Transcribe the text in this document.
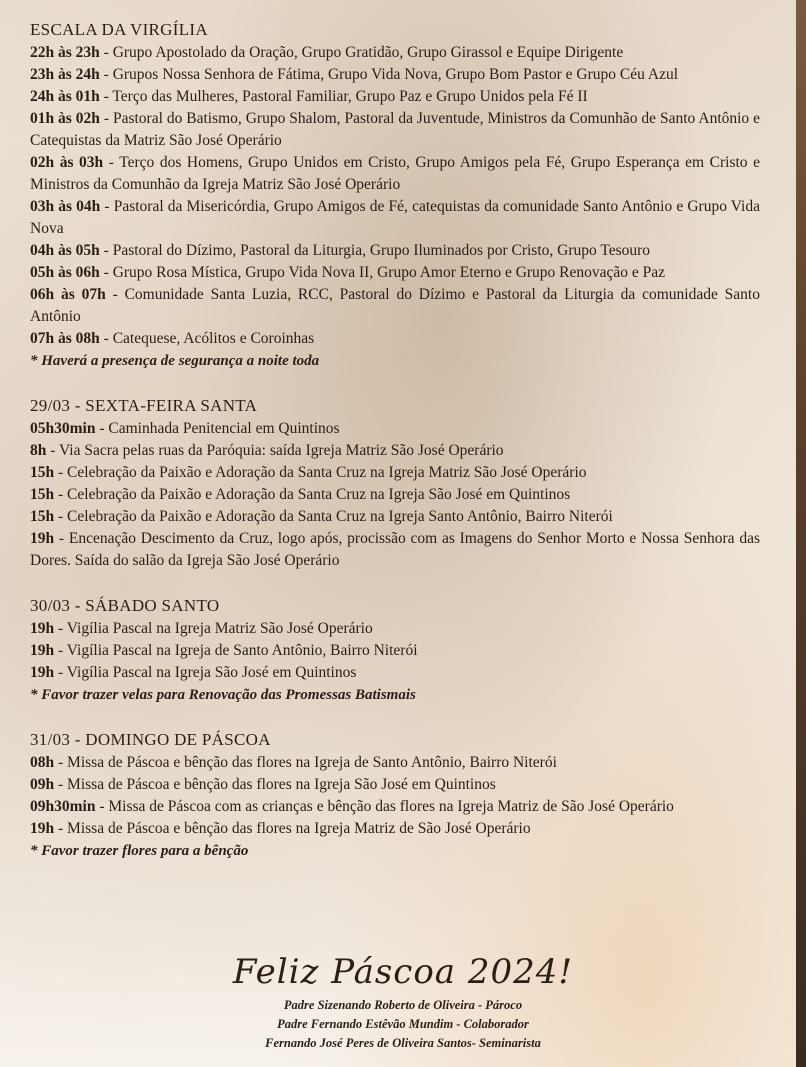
ESCALA DA VIRGÍLIA

22h às 23h - Grupo Apostolado da Oração, Grupo Gratidão, Grupo Girassol e Equipe Dirigente

23h às 24h - Grupos Nossa Senhora de Fátima, Grupo Vida Nova, Grupo Bom Pastor e Grupo Céu Azul

24h às 01h - Terço das Mulheres, Pastoral Familiar, Grupo Paz e Grupo Unidos pela Fé II

01h às 02h - Pastoral do Batismo, Grupo Shalom, Pastoral da Juventude, Ministros da Comunhão de Santo Antônio e Catequistas da Matriz São José Operário

02h às 03h - Terço dos Homens, Grupo Unidos em Cristo, Grupo Amigos pela Fé, Grupo Esperança em Cristo e Ministros da Comunhão da Igreja Matriz São José Operário

03h às 04h - Pastoral da Misericórdia, Grupo Amigos de Fé, catequistas da comunidade Santo Antônio e Grupo Vida Nova

04h às 05h - Pastoral do Dízimo, Pastoral da Liturgia, Grupo Iluminados por Cristo, Grupo Tesouro

05h às 06h - Grupo Rosa Mística, Grupo Vida Nova II, Grupo Amor Eterno e Grupo Renovação e Paz

06h às 07h - Comunidade Santa Luzia, RCC, Pastoral do Dízimo e Pastoral da Liturgia da comunidade Santo Antônio

07h às 08h - Catequese, Acólitos e Coroinhas

* Haverá a presença de segurança a noite toda

29/03 - SEXTA-FEIRA SANTA

05h30min - Caminhada Penitencial em Quintinos

8h - Via Sacra pelas ruas da Paróquia: saída Igreja Matriz São José Operário

15h - Celebração da Paixão e Adoração da Santa Cruz na Igreja Matriz São José Operário

15h - Celebração da Paixão e Adoração da Santa Cruz na Igreja São José em Quintinos

15h - Celebração da Paixão e Adoração da Santa Cruz na Igreja Santo Antônio, Bairro Niterói

19h - Encenação Descimento da Cruz, logo após, procissão com as Imagens do Senhor Morto e Nossa Senhora das Dores. Saída do salão da Igreja São José Operário

30/03 - SÁBADO SANTO

19h - Vigília Pascal na Igreja Matriz São José Operário

19h - Vigília Pascal na Igreja de Santo Antônio, Bairro Niterói

19h - Vigília Pascal na Igreja São José em Quintinos

* Favor trazer velas para Renovação das Promessas Batismais

31/03 - DOMINGO DE PÁSCOA

08h - Missa de Páscoa e bênção das flores na Igreja de Santo Antônio, Bairro Niterói

09h - Missa de Páscoa e bênção das flores na Igreja São José em Quintinos

09h30min - Missa de Páscoa com as crianças e bênção das flores na Igreja Matriz de São José Operário

19h - Missa de Páscoa e bênção das flores na Igreja Matriz de São José Operário

* Favor trazer flores para a bênção

Feliz Páscoa 2024!
Padre Sizenando Roberto de Oliveira - Pároco
Padre Fernando Estêvão Mundim - Colaborador
Fernando José Peres de Oliveira Santos- Seminarista
